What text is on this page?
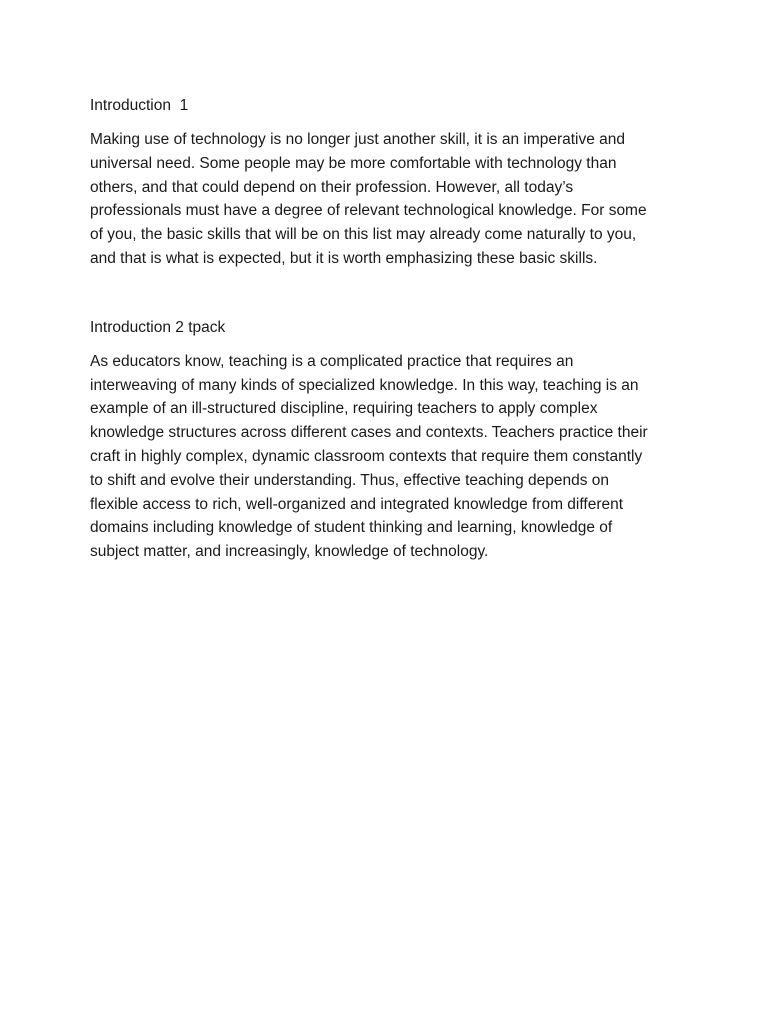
Introduction  1

Making use of technology is no longer just another skill, it is an imperative and
universal need. Some people may be more comfortable with technology than
others, and that could depend on their profession. However, all today’s
professionals must have a degree of relevant technological knowledge. For some
of you, the basic skills that will be on this list may already come naturally to you,
and that is what is expected, but it is worth emphasizing these basic skills.

Introduction 2 tpack

As educators know, teaching is a complicated practice that requires an
interweaving of many kinds of specialized knowledge. In this way, teaching is an
example of an ill-structured discipline, requiring teachers to apply complex
knowledge structures across different cases and contexts. Teachers practice their
craft in highly complex, dynamic classroom contexts that require them constantly
to shift and evolve their understanding. Thus, effective teaching depends on
flexible access to rich, well-organized and integrated knowledge from different
domains including knowledge of student thinking and learning, knowledge of
subject matter, and increasingly, knowledge of technology.
